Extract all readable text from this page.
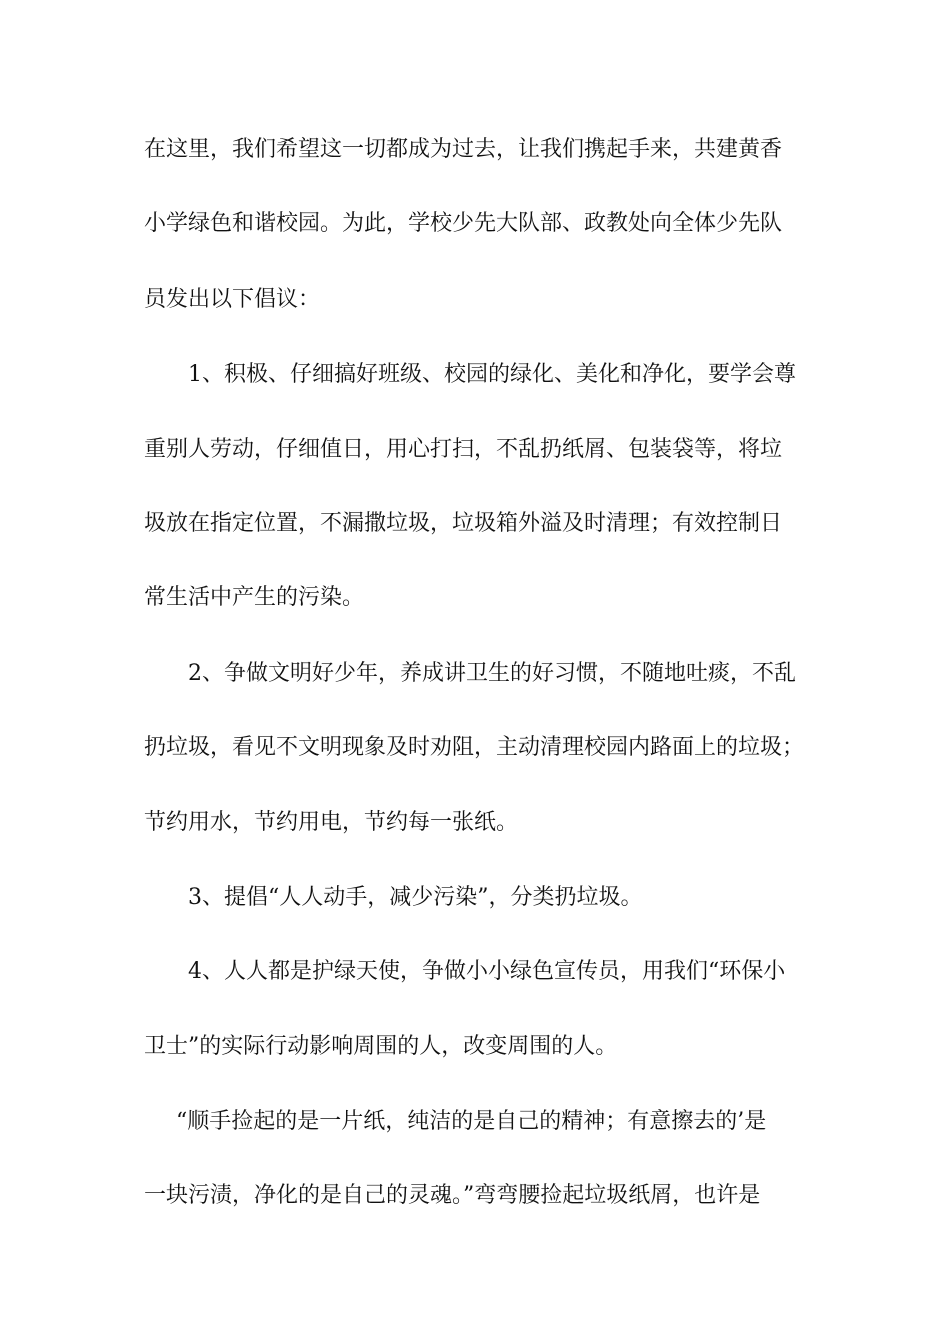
在这里，我们希望这一切都成为过去，让我们携起手来，共建黄香
小学绿色和谐校园。为此，学校少先大队部、政教处向全体少先队
员发出以下倡议：
1、积极、仔细搞好班级、校园的绿化、美化和净化，要学会尊
重别人劳动，仔细值日，用心打扫，不乱扔纸屑、包装袋等，将垃
圾放在指定位置，不漏撒垃圾，垃圾箱外溢及时清理；有效控制日
常生活中产生的污染。
2、争做文明好少年，养成讲卫生的好习惯，不随地吐痰，不乱
扔垃圾，看见不文明现象及时劝阻，主动清理校园内路面上的垃圾；
节约用水，节约用电，节约每一张纸。
3、提倡“人人动手，减少污染”，分类扔垃圾。
4、人人都是护绿天使，争做小小绿色宣传员，用我们“环保小
卫士”的实际行动影响周围的人，改变周围的人。
“顺手捡起的是一片纸，纯洁的是自己的精神；有意擦去的’是
一块污渍，净化的是自己的灵魂。”弯弯腰捡起垃圾纸屑，也许是
